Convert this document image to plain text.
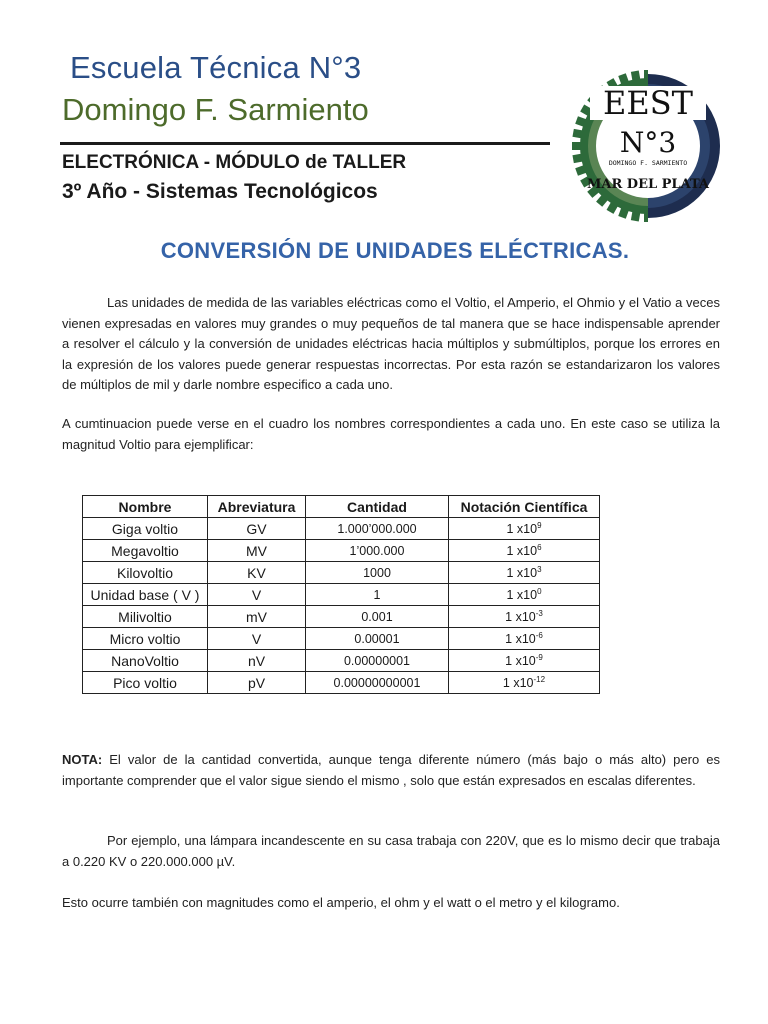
Escuela Técnica N°3
Domingo F. Sarmiento
ELECTRÓNICA - MÓDULO de TALLER
3º Año - Sistemas Tecnológicos
EEST
N°3
DOMINGO F. SARMIENTO
MAR DEL PLATA
CONVERSIÓN DE UNIDADES ELÉCTRICAS.
Las unidades de medida de las variables eléctricas como el Voltio, el Amperio, el Ohmio y el Vatio a veces vienen expresadas en valores muy grandes o muy pequeños de tal manera que se hace indispensable aprender a resolver el cálculo y la conversión de unidades eléctricas hacia múltiplos y submúltiplos, porque los errores en la expresión de los valores puede generar respuestas incorrectas. Por esta razón se estandarizaron los valores de múltiplos de mil y darle nombre especifico a cada uno.
A cumtinuacion puede verse en el cuadro los nombres correspondientes a cada uno. En este caso se utiliza la magnitud Voltio para ejemplificar:
Nombre	Abreviatura	Cantidad	Notación Científica
Giga voltio	GV	1.000’000.000	1 $x10^9$
Megavoltio	MV	1’000.000	1 $x10^6$
Kilovoltio	KV	1000	1 $x10^3$
Unidad base ( V )	V	1	1 $x10^0$
Milivoltio	mV	0.001	1 $x10^{-3}$
Micro voltio	V	0.00001	1 $x10^{-6}$
NanoVoltio	nV	0.00000001	1 $x10^{-9}$
Pico voltio	pV	0.00000000001	1 $x10^{-12}$
NOTA: El valor de la cantidad convertida, aunque tenga diferente número (más bajo o más alto) pero es importante comprender que el valor sigue siendo el mismo , solo que están expresados en escalas diferentes.
Por ejemplo, una lámpara incandescente en su casa trabaja con 220V, que es lo mismo decir que trabaja a 0.220 KV o 220.000.000 µV.
Esto ocurre también con magnitudes como el amperio, el ohm y el watt o el metro y el kilogramo.
